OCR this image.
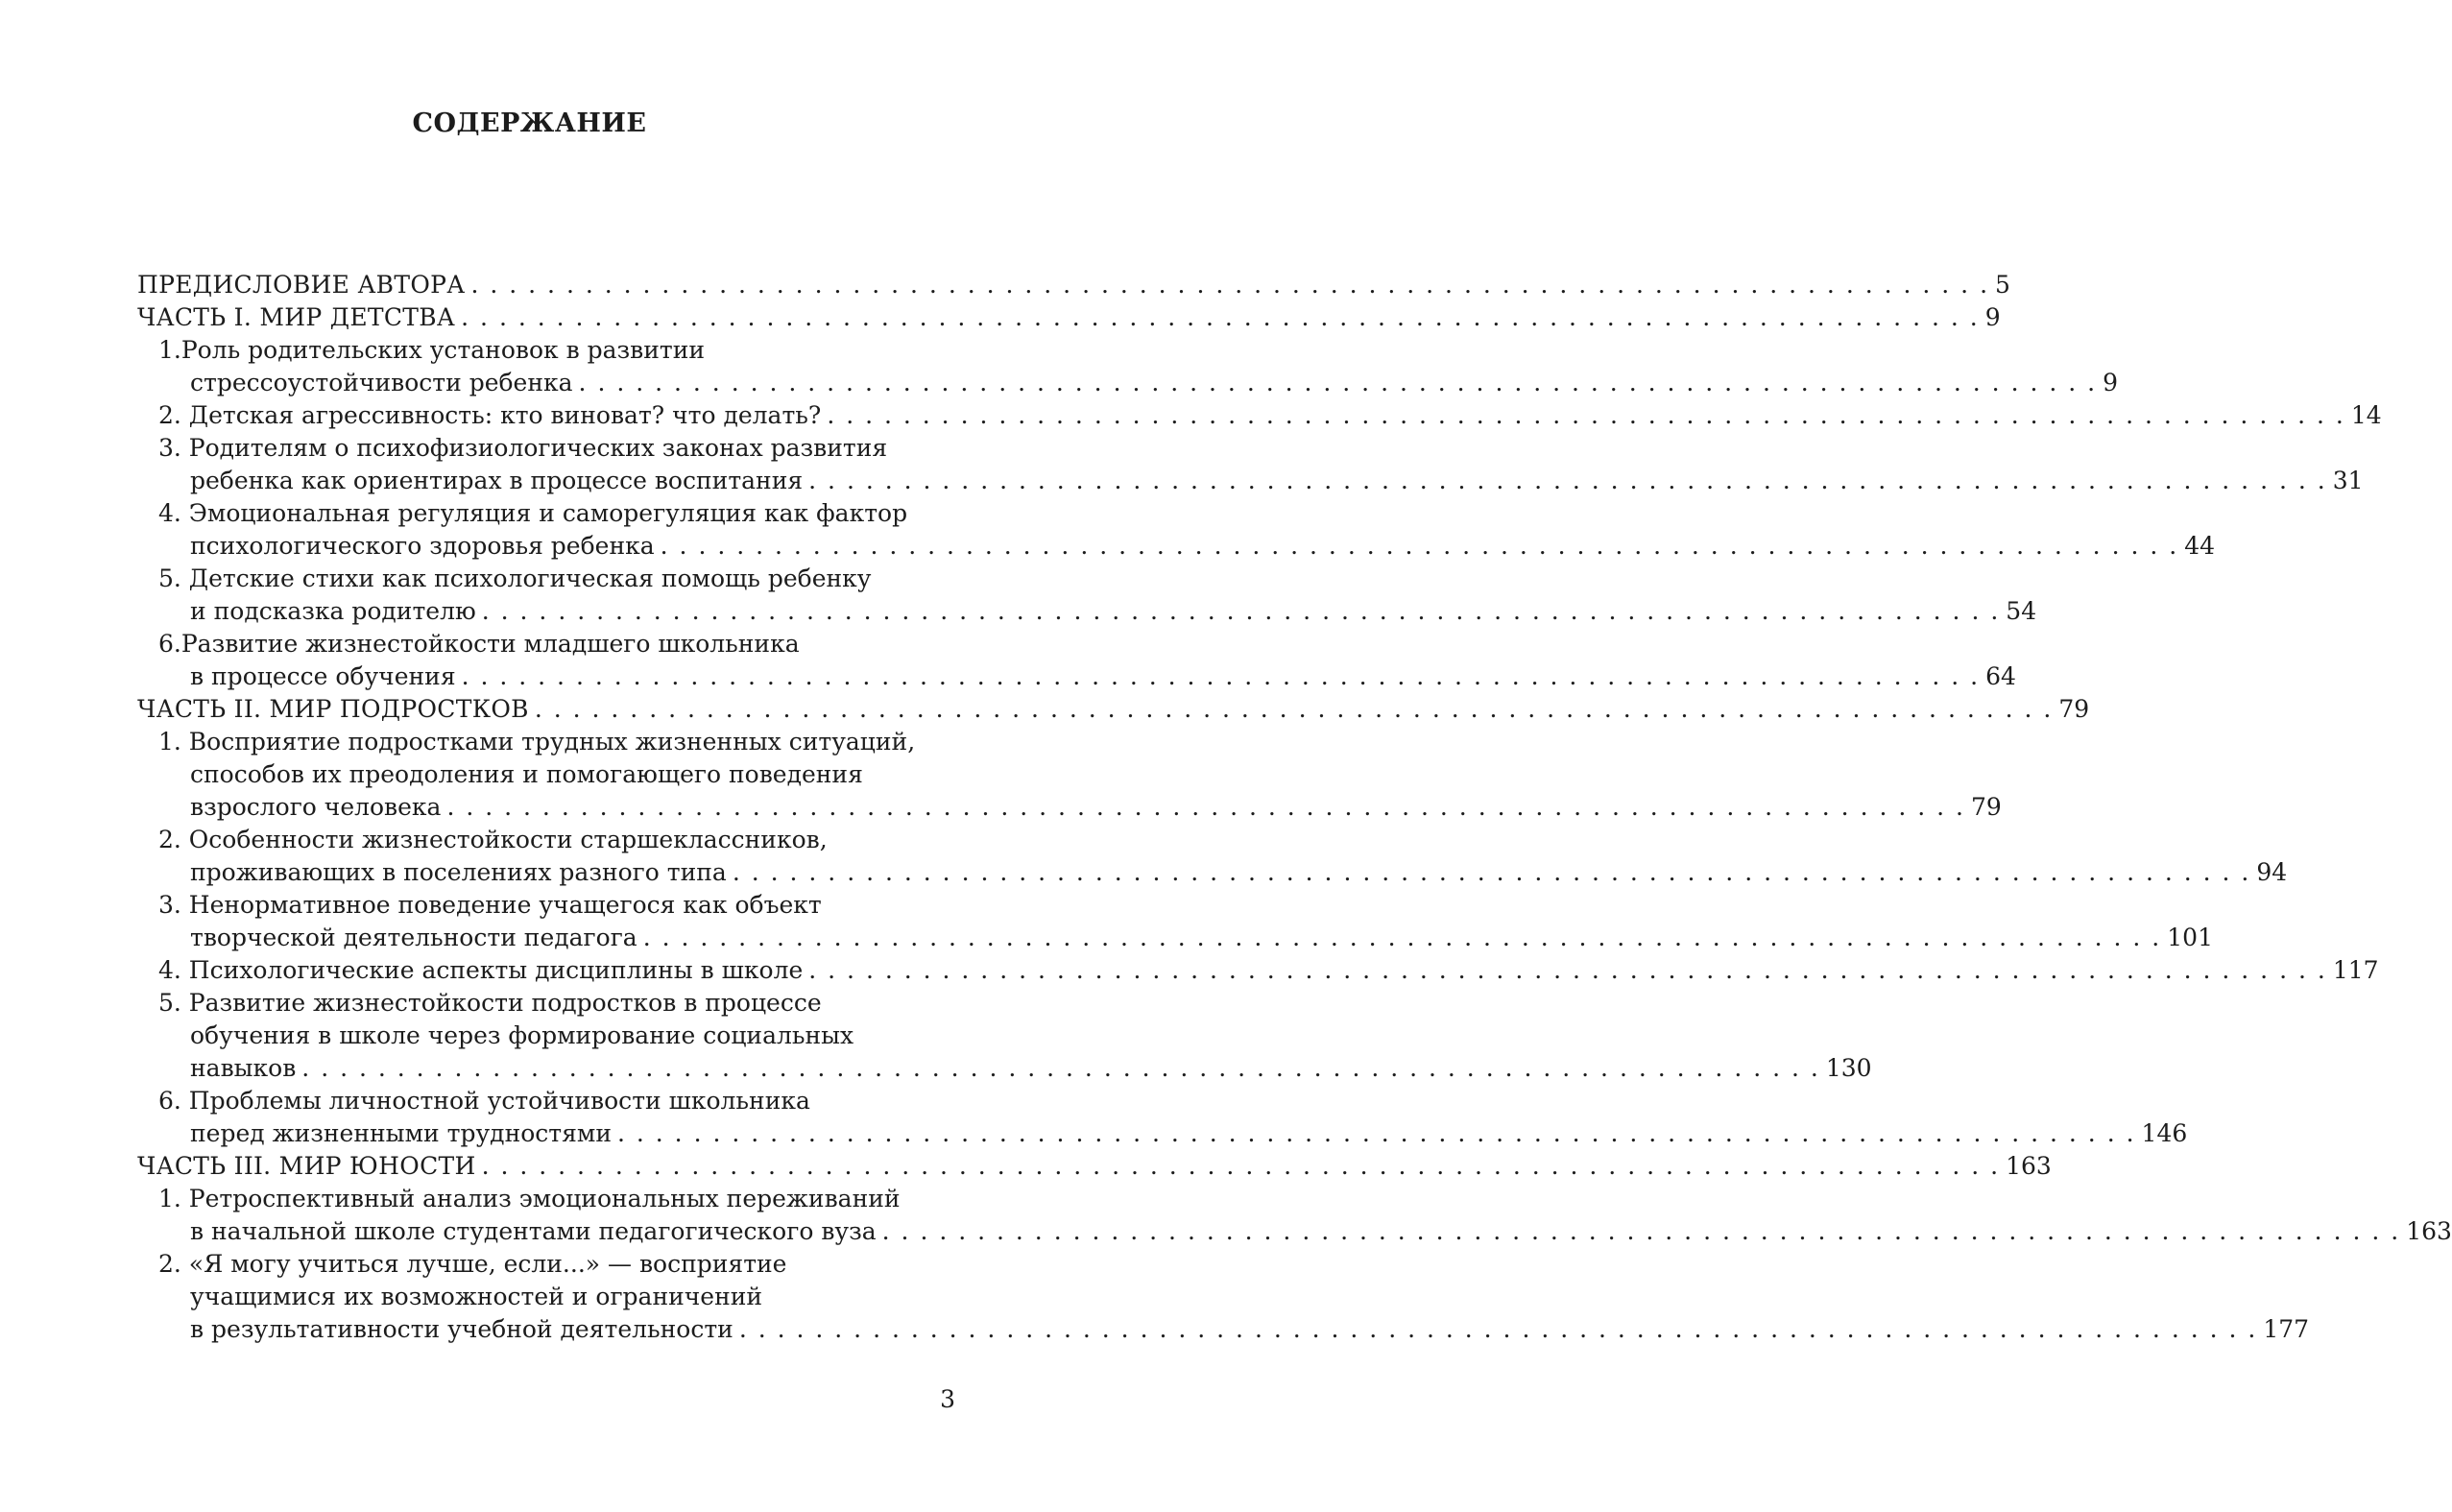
СОДЕРЖАНИЕ
ПРЕДИСЛОВИЕ АВТОРА . . . . . . . . . . . . . . . . . . . . . . . . . . . . . . . . . . . . . . . . . . . . . . . . . . . . . . . . . . . . . . . . . . . . . . . . . . . . . . . . 5
ЧАСТЬ I. МИР ДЕТСТВА . . . . . . . . . . . . . . . . . . . . . . . . . . . . . . . . . . . . . . . . . . . . . . . . . . . . . . . . . . . . . . . . . . . . . . . . . . . . . . . . 9
1.Роль родительских установок в развитии
стрессоустойчивости ребенка . . . . . . . . . . . . . . . . . . . . . . . . . . . . . . . . . . . . . . . . . . . . . . . . . . . . . . . . . . . . . . . . . . . . . . . . . . . . . . . . 9
2. Детская агрессивность: кто виноват? что делать? . . . . . . . . . . . . . . . . . . . . . . . . . . . . . . . . . . . . . . . . . . . . . . . . . . . . . . . . . . . . . . . . . . . . . . . . . . . . . . . . 14
3. Родителям о психофизиологических законах развития
ребенка как ориентирах в процессе воспитания . . . . . . . . . . . . . . . . . . . . . . . . . . . . . . . . . . . . . . . . . . . . . . . . . . . . . . . . . . . . . . . . . . . . . . . . . . . . . . . . 31
4. Эмоциональная регуляция и саморегуляция как фактор
психологического здоровья ребенка . . . . . . . . . . . . . . . . . . . . . . . . . . . . . . . . . . . . . . . . . . . . . . . . . . . . . . . . . . . . . . . . . . . . . . . . . . . . . . . . 44
5. Детские стихи как психологическая помощь ребенку
и подсказка родителю . . . . . . . . . . . . . . . . . . . . . . . . . . . . . . . . . . . . . . . . . . . . . . . . . . . . . . . . . . . . . . . . . . . . . . . . . . . . . . . . 54
6.Развитие жизнестойкости младшего школьника
в процессе обучения . . . . . . . . . . . . . . . . . . . . . . . . . . . . . . . . . . . . . . . . . . . . . . . . . . . . . . . . . . . . . . . . . . . . . . . . . . . . . . . . 64
ЧАСТЬ II. МИР ПОДРОСТКОВ . . . . . . . . . . . . . . . . . . . . . . . . . . . . . . . . . . . . . . . . . . . . . . . . . . . . . . . . . . . . . . . . . . . . . . . . . . . . . . . . 79
1. Восприятие подростками трудных жизненных ситуаций,
способов их преодоления и помогающего поведения
взрослого человека . . . . . . . . . . . . . . . . . . . . . . . . . . . . . . . . . . . . . . . . . . . . . . . . . . . . . . . . . . . . . . . . . . . . . . . . . . . . . . . . 79
2. Особенности жизнестойкости старшеклассников,
проживающих в поселениях разного типа . . . . . . . . . . . . . . . . . . . . . . . . . . . . . . . . . . . . . . . . . . . . . . . . . . . . . . . . . . . . . . . . . . . . . . . . . . . . . . . . 94
3. Ненормативное поведение учащегося как объект
творческой деятельности педагога . . . . . . . . . . . . . . . . . . . . . . . . . . . . . . . . . . . . . . . . . . . . . . . . . . . . . . . . . . . . . . . . . . . . . . . . . . . . . . . . 101
4. Психологические аспекты дисциплины в школе . . . . . . . . . . . . . . . . . . . . . . . . . . . . . . . . . . . . . . . . . . . . . . . . . . . . . . . . . . . . . . . . . . . . . . . . . . . . . . . . 117
5. Развитие жизнестойкости подростков в процессе
обучения в школе через формирование социальных
навыков . . . . . . . . . . . . . . . . . . . . . . . . . . . . . . . . . . . . . . . . . . . . . . . . . . . . . . . . . . . . . . . . . . . . . . . . . . . . . . . . 130
6. Проблемы личностной устойчивости школьника
перед жизненными трудностями . . . . . . . . . . . . . . . . . . . . . . . . . . . . . . . . . . . . . . . . . . . . . . . . . . . . . . . . . . . . . . . . . . . . . . . . . . . . . . . . 146
ЧАСТЬ III. МИР ЮНОСТИ . . . . . . . . . . . . . . . . . . . . . . . . . . . . . . . . . . . . . . . . . . . . . . . . . . . . . . . . . . . . . . . . . . . . . . . . . . . . . . . . 163
1. Ретроспективный анализ эмоциональных переживаний
в начальной школе студентами педагогического вуза . . . . . . . . . . . . . . . . . . . . . . . . . . . . . . . . . . . . . . . . . . . . . . . . . . . . . . . . . . . . . . . . . . . . . . . . . . . . . . . . 163
2. «Я могу учиться лучше, если...» — восприятие
учащимися их возможностей и ограничений
в результативности учебной деятельности . . . . . . . . . . . . . . . . . . . . . . . . . . . . . . . . . . . . . . . . . . . . . . . . . . . . . . . . . . . . . . . . . . . . . . . . . . . . . . . . 177
3
